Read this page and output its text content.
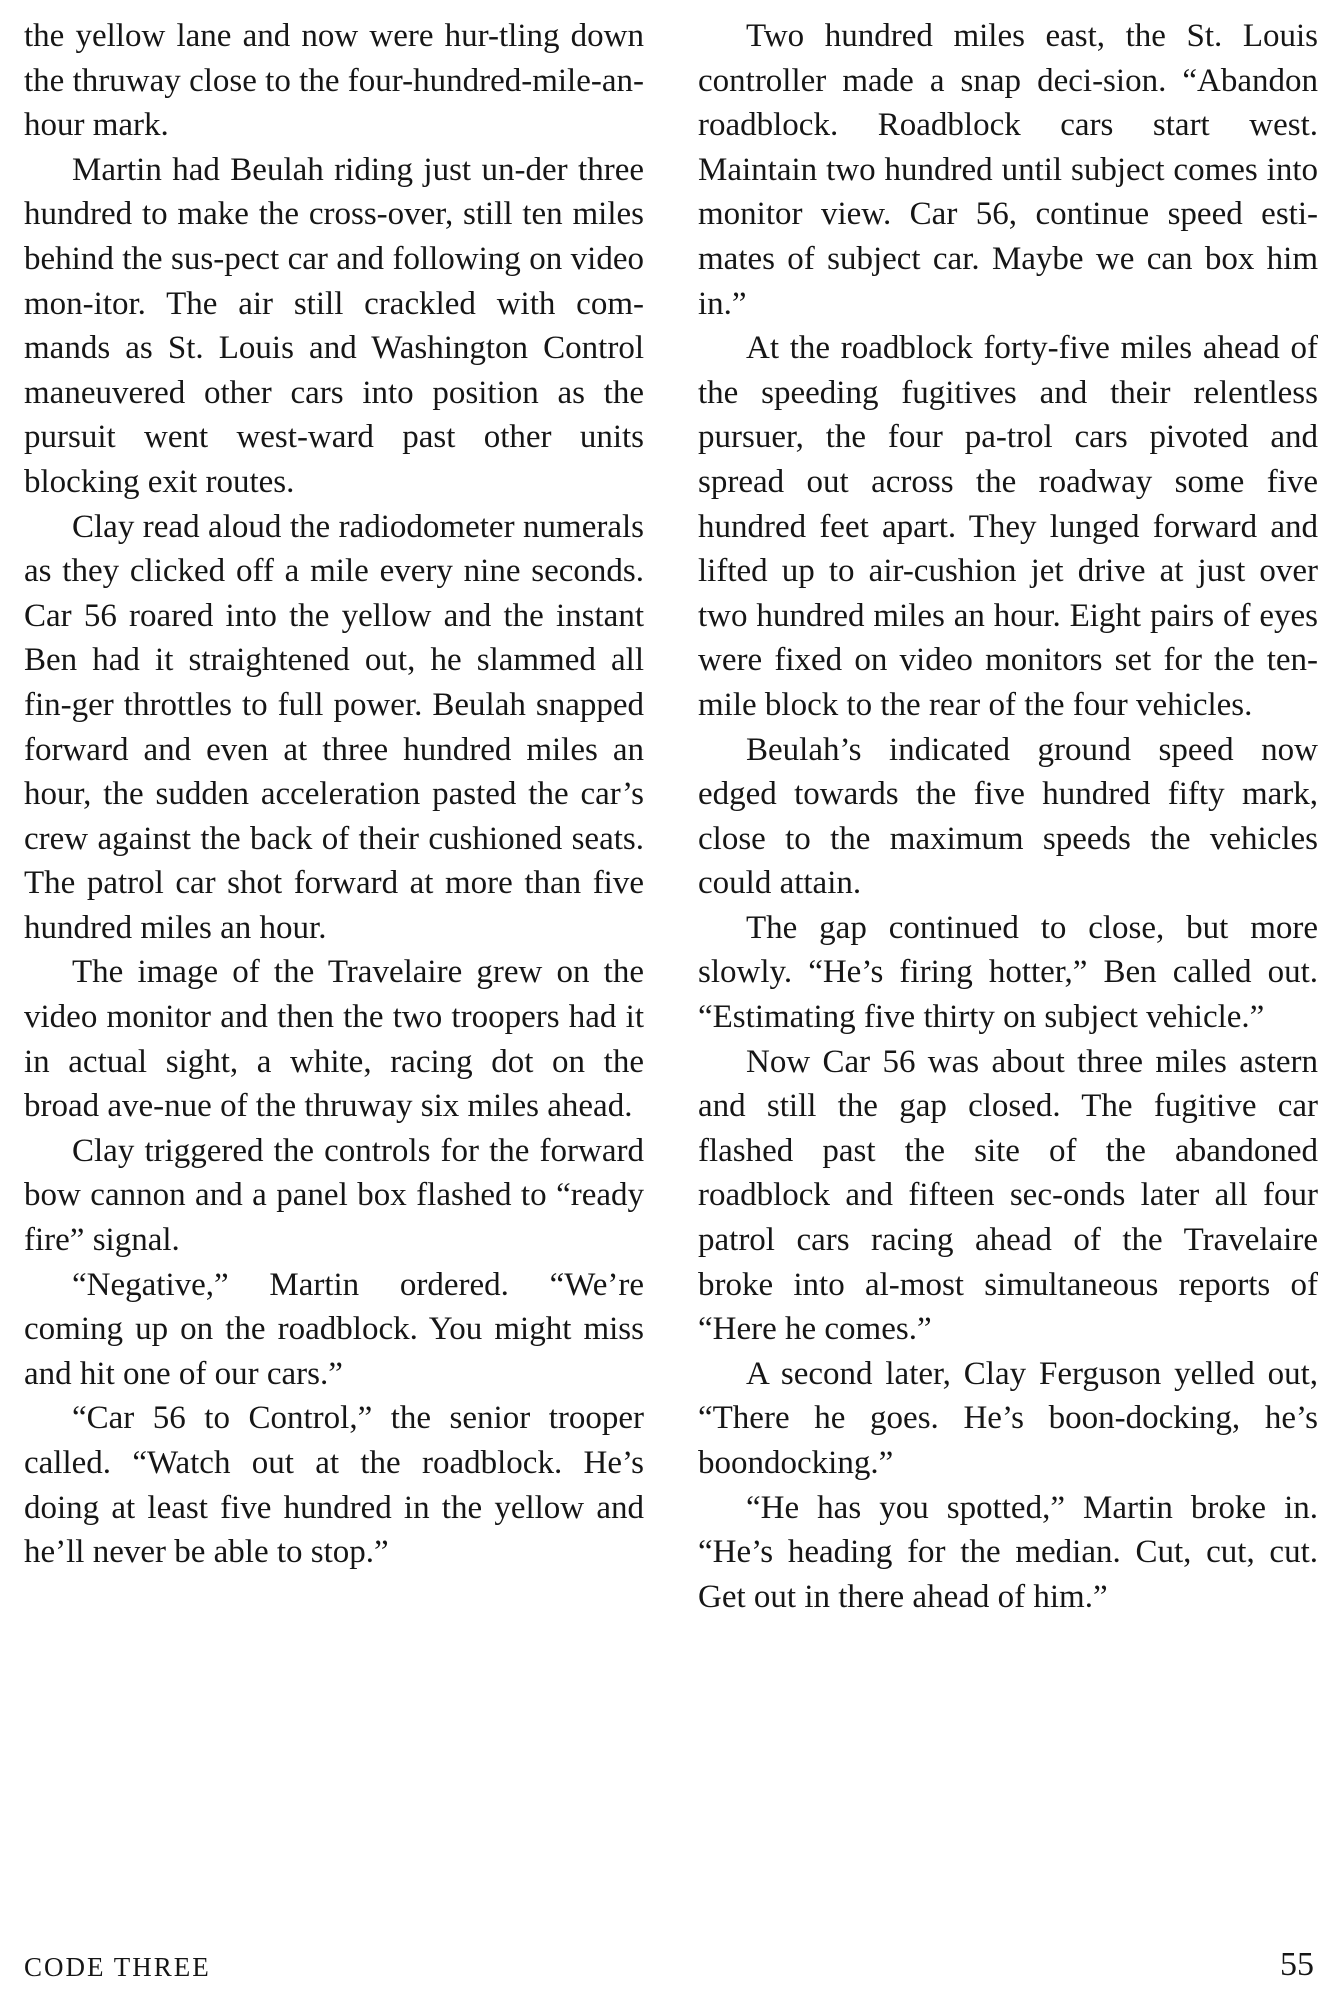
the yellow lane and now were hur-tling down the thruway close to the four-hundred-mile-an-hour mark.

Martin had Beulah riding just un-der three hundred to make the cross-over, still ten miles behind the sus-pect car and following on video mon-itor. The air still crackled with com-mands as St. Louis and Washington Control maneuvered other cars into position as the pursuit went west-ward past other units blocking exit routes.

Clay read aloud the radiodometer numerals as they clicked off a mile every nine seconds. Car 56 roared into the yellow and the instant Ben had it straightened out, he slammed all fin-ger throttles to full power. Beulah snapped forward and even at three hundred miles an hour, the sudden acceleration pasted the car’s crew against the back of their cushioned seats. The patrol car shot forward at more than five hundred miles an hour.

The image of the Travelaire grew on the video monitor and then the two troopers had it in actual sight, a white, racing dot on the broad ave-nue of the thruway six miles ahead.

Clay triggered the controls for the forward bow cannon and a panel box flashed to “ready fire” signal.

“Negative,” Martin ordered. “We’re coming up on the roadblock. You might miss and hit one of our cars.”

“Car 56 to Control,” the senior trooper called. “Watch out at the roadblock. He’s doing at least five hundred in the yellow and he’ll never be able to stop.”

Two hundred miles east, the St. Louis controller made a snap deci-sion. “Abandon roadblock. Roadblock cars start west. Maintain two hundred until subject comes into monitor view. Car 56, continue speed esti-mates of subject car. Maybe we can box him in.”

At the roadblock forty-five miles ahead of the speeding fugitives and their relentless pursuer, the four pa-trol cars pivoted and spread out across the roadway some five hundred feet apart. They lunged forward and lifted up to air-cushion jet drive at just over two hundred miles an hour. Eight pairs of eyes were fixed on video monitors set for the ten-mile block to the rear of the four vehicles.

Beulah’s indicated ground speed now edged towards the five hundred fifty mark, close to the maximum speeds the vehicles could attain.

The gap continued to close, but more slowly. “He’s firing hotter,” Ben called out. “Estimating five thirty on subject vehicle.”

Now Car 56 was about three miles astern and still the gap closed. The fugitive car flashed past the site of the abandoned roadblock and fifteen sec-onds later all four patrol cars racing ahead of the Travelaire broke into al-most simultaneous reports of “Here he comes.”

A second later, Clay Ferguson yelled out, “There he goes. He’s boon-docking, he’s boondocking.”

“He has you spotted,” Martin broke in. “He’s heading for the median. Cut, cut, cut. Get out in there ahead of him.”

CODE THREE	55
